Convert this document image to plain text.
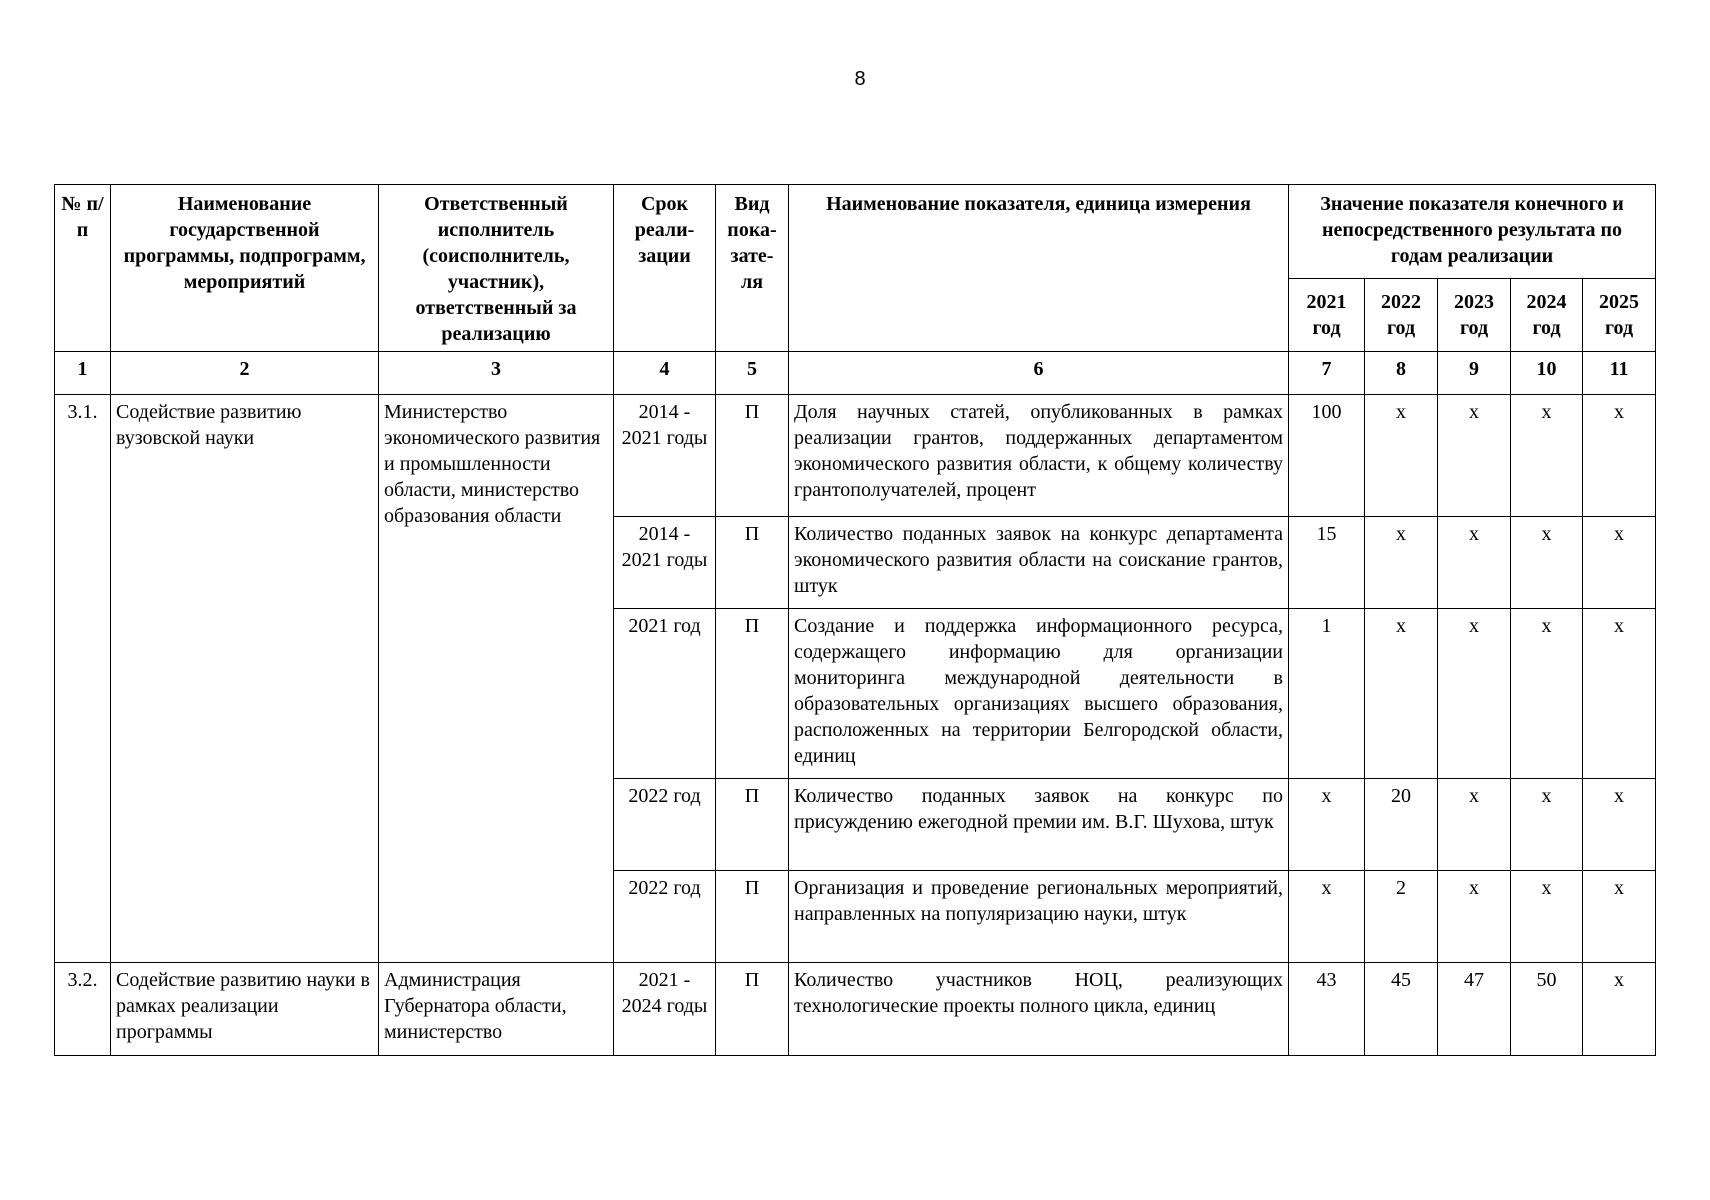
8
№ п/п	Наименование государственной программы, подпрограмм, мероприятий	Ответственный исполнитель (соисполнитель, участник), ответственный за реализацию	Срок реали-зации	Вид пока-зате-ля	Наименование показателя, единица измерения	Значение показателя конечного и непосредственного результата по годам реализации				
						2021 год	2022 год	2023 год	2024 год	2025 год
1	2	3	4	5	6	7	8	9	10	11
3.1.	Содействие развитию вузовской науки	Министерство экономического развития и промышленности области, министерство образования области	2014 - 2021 годы	П	Доля научных статей, опубликованных в рамках реализации грантов, поддержанных департаментом экономического развития области, к общему количеству грантополучателей, процент	100	х	х	х	х
			2014 - 2021 годы	П	Количество поданных заявок на конкурс департамента экономического развития области на соискание грантов, штук	15	х	х	х	х
			2021 год	П	Создание и поддержка информационного ресурса, содержащего информацию для организации мониторинга международной деятельности в образовательных организациях высшего образования, расположенных на территории Белгородской области, единиц	1	х	х	х	х
			2022 год	П	Количество поданных заявок на конкурс по присуждению ежегодной премии им. В.Г. Шухова, штук	х	20	х	х	х
			2022 год	П	Организация и проведение региональных мероприятий, направленных на популяризацию науки, штук	х	2	х	х	х
3.2.	Содействие развитию науки в рамках реализации программы	Администрация Губернатора области, министерство	2021 - 2024 годы	П	Количество участников НОЦ, реализующих технологические проекты полного цикла, единиц	43	45	47	50	х
